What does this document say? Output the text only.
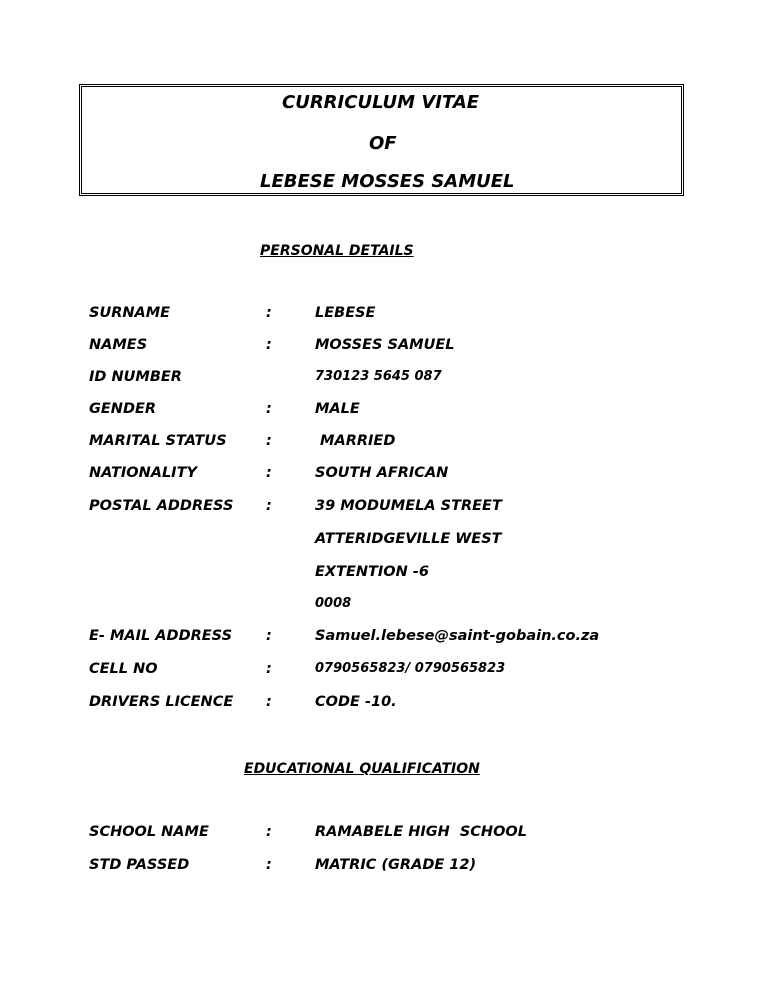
CURRICULUM VITAE
OF
LEBESE MOSSES SAMUEL
PERSONAL DETAILS
SURNAME	:	LEBESE
NAMES	:	MOSSES SAMUEL
ID NUMBER	730123 5645 087
GENDER	:	MALE
MARITAL STATUS	:	MARRIED
NATIONALITY	:	SOUTH AFRICAN
POSTAL ADDRESS :	39 MODUMELA STREET
ATTERIDGEVILLE WEST
EXTENTION -6
0008
E- MAIL ADDRESS :	Samuel.lebese@saint-gobain.co.za
CELL NO	:	0790565823/ 0790565823
DRIVERS LICENCE :	CODE -10.
EDUCATIONAL QUALIFICATION
SCHOOL NAME	:	RAMABELE HIGH  SCHOOL
STD PASSED	:	MATRIC (GRADE 12)
